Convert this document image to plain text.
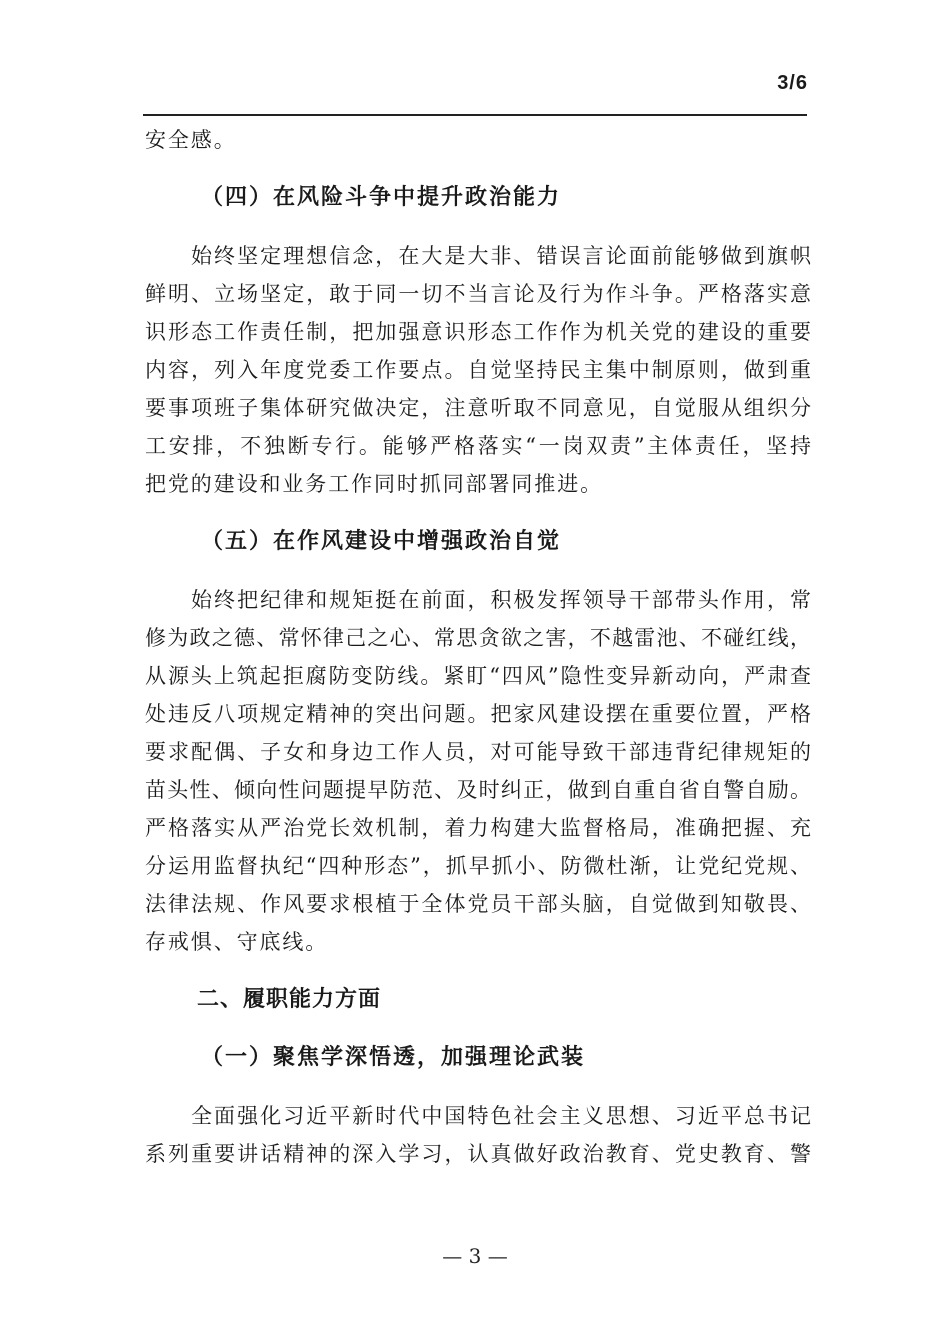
3/6
安全感。
（四）在风险斗争中提升政治能力
始终坚定理想信念，在大是大非、错误言论面前能够做到旗帜
鲜明、立场坚定，敢于同一切不当言论及行为作斗争。严格落实意
识形态工作责任制，把加强意识形态工作作为机关党的建设的重要
内容，列入年度党委工作要点。自觉坚持民主集中制原则，做到重
要事项班子集体研究做决定，注意听取不同意见，自觉服从组织分
工安排，不独断专行。能够严格落实“一岗双责”主体责任，坚持
把党的建设和业务工作同时抓同部署同推进。
（五）在作风建设中增强政治自觉
始终把纪律和规矩挺在前面，积极发挥领导干部带头作用，常
修为政之德、常怀律己之心、常思贪欲之害，不越雷池、不碰红线，
从源头上筑起拒腐防变防线。紧盯“四风”隐性变异新动向，严肃查
处违反八项规定精神的突出问题。把家风建设摆在重要位置，严格
要求配偶、子女和身边工作人员，对可能导致干部违背纪律规矩的
苗头性、倾向性问题提早防范、及时纠正，做到自重自省自警自励。
严格落实从严治党长效机制，着力构建大监督格局，准确把握、充
分运用监督执纪“四种形态”，抓早抓小、防微杜渐，让党纪党规、
法律法规、作风要求根植于全体党员干部头脑，自觉做到知敬畏、
存戒惧、守底线。
二、履职能力方面
（一）聚焦学深悟透，加强理论武装
全面强化习近平新时代中国特色社会主义思想、习近平总书记
系列重要讲话精神的深入学习，认真做好政治教育、党史教育、警
— 3 —
